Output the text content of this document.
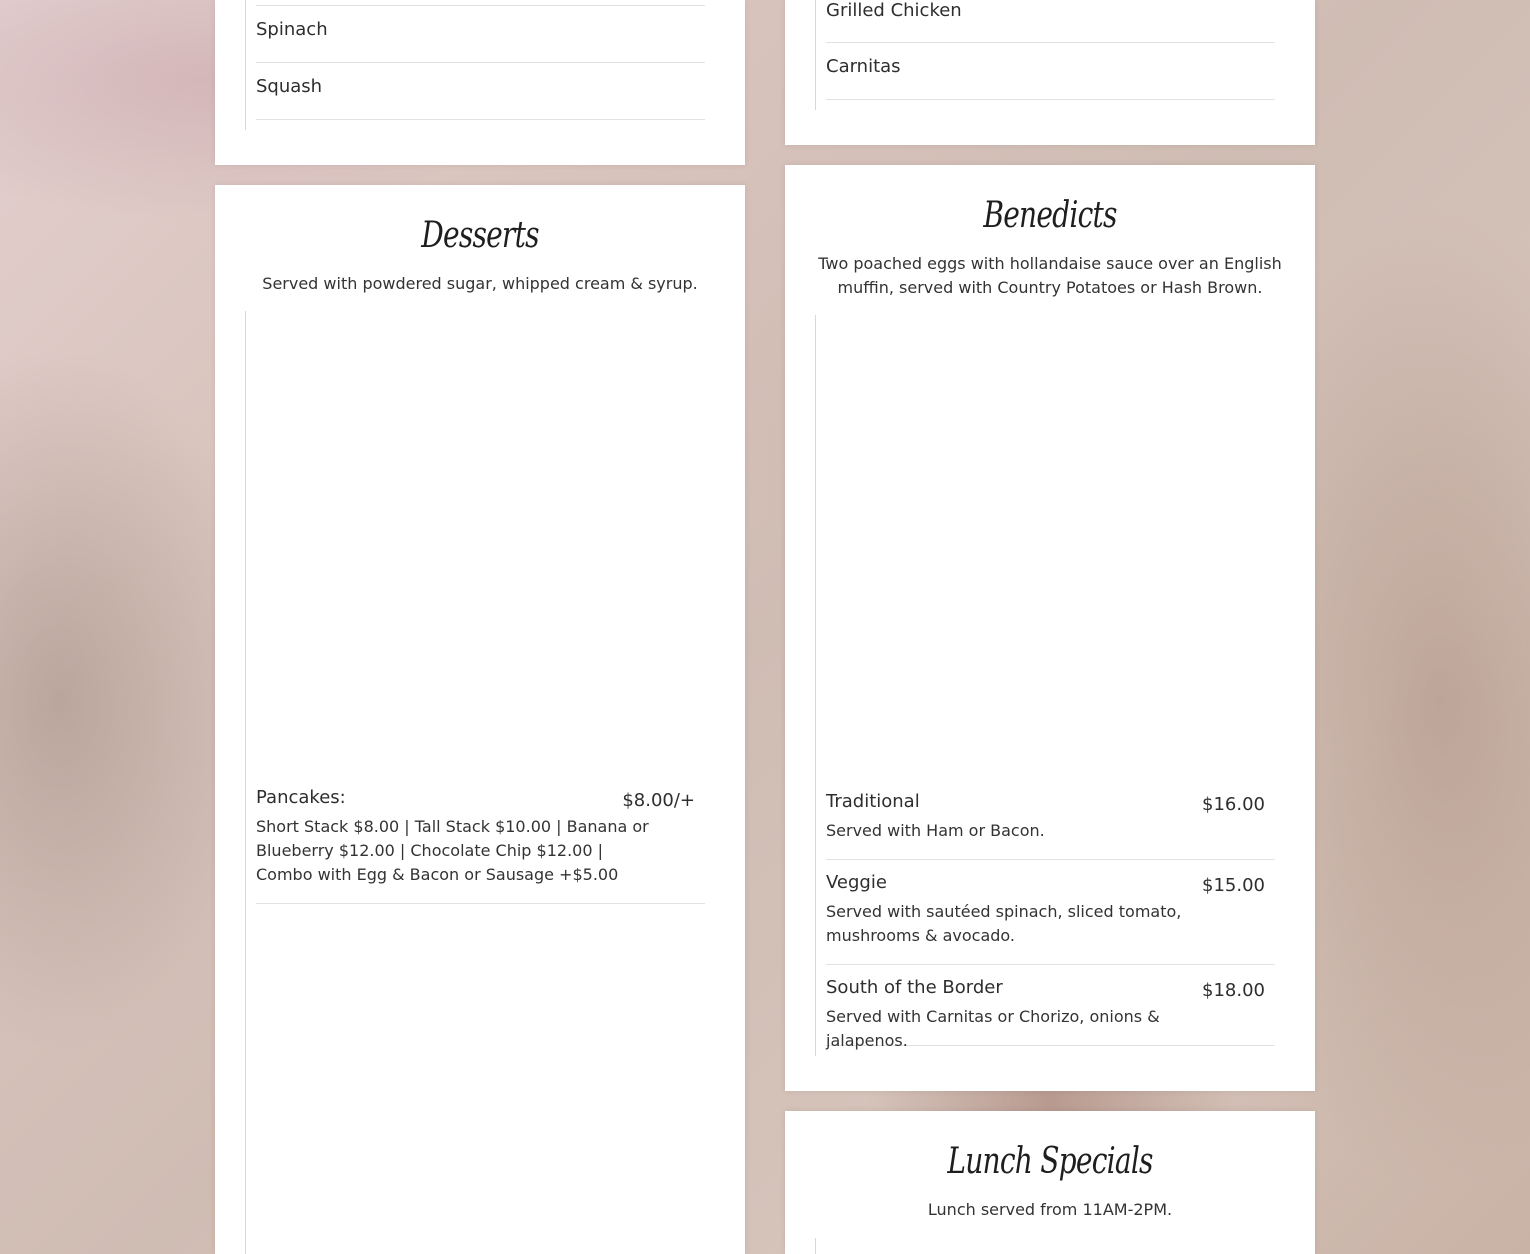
Spinach
Squash
Grilled Chicken
Carnitas
Desserts
Served with powdered sugar, whipped cream & syrup.
Pancakes:	$8.00/+
Short Stack $8.00 | Tall Stack $10.00 | Banana or Blueberry $12.00 | Chocolate Chip $12.00 | Combo with Egg & Bacon or Sausage +$5.00
Benedicts
Two poached eggs with hollandaise sauce over an English muffin, served with Country Potatoes or Hash Brown.
Traditional	$16.00
Served with Ham or Bacon.
Veggie	$15.00
Served with sautéed spinach, sliced tomato, mushrooms & avocado.
South of the Border	$18.00
Served with Carnitas or Chorizo, onions & jalapenos.
Lunch Specials
Lunch served from 11AM-2PM.
